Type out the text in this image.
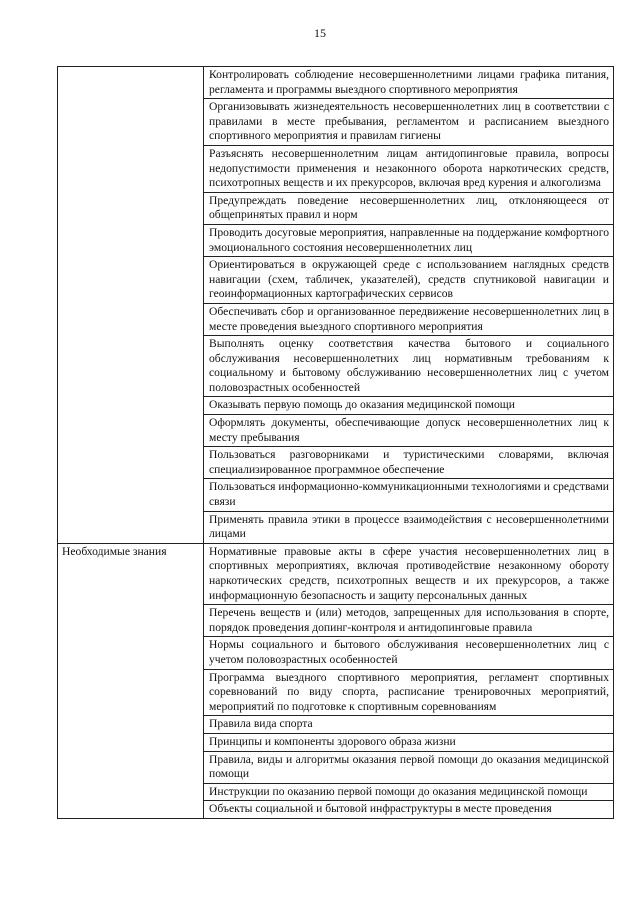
15
	Контролировать соблюдение несовершеннолетними лицами графика питания, регламента и программы выездного спортивного мероприятия
	Организовывать жизнедеятельность несовершеннолетних лиц в соответствии с правилами в месте пребывания, регламентом и расписанием выездного спортивного мероприятия и правилам гигиены
	Разъяснять несовершеннолетним лицам антидопинговые правила, вопросы недопустимости применения и незаконного оборота наркотических средств, психотропных веществ и их прекурсоров, включая вред курения и алкоголизма
	Предупреждать поведение несовершеннолетних лиц, отклоняющееся от общепринятых правил и норм
	Проводить досуговые мероприятия, направленные на поддержание комфортного эмоционального состояния несовершеннолетних лиц
	Ориентироваться в окружающей среде с использованием наглядных средств навигации (схем, табличек, указателей), средств спутниковой навигации и геоинформационных картографических сервисов
	Обеспечивать сбор и организованное передвижение несовершеннолетних лиц в месте проведения выездного спортивного мероприятия
	Выполнять оценку соответствия качества бытового и социального обслуживания несовершеннолетних лиц нормативным требованиям к социальному и бытовому обслуживанию несовершеннолетних лиц с учетом половозрастных особенностей
	Оказывать первую помощь до оказания медицинской помощи
	Оформлять документы, обеспечивающие допуск несовершеннолетних лиц к месту пребывания
	Пользоваться разговорниками и туристическими словарями, включая специализированное программное обеспечение
	Пользоваться информационно-коммуникационными технологиями и средствами связи
	Применять правила этики в процессе взаимодействия с несовершеннолетними лицами
Необходимые знания	Нормативные правовые акты в сфере участия несовершеннолетних лиц в спортивных мероприятиях, включая противодействие незаконному обороту наркотических средств, психотропных веществ и их прекурсоров, а также информационную безопасность и защиту персональных данных
	Перечень веществ и (или) методов, запрещенных для использования в спорте, порядок проведения допинг-контроля и антидопинговые правила
	Нормы социального и бытового обслуживания несовершеннолетних лиц с учетом половозрастных особенностей
	Программа выездного спортивного мероприятия, регламент спортивных соревнований по виду спорта, расписание тренировочных мероприятий, мероприятий по подготовке к спортивным соревнованиям
	Правила вида спорта
	Принципы и компоненты здорового образа жизни
	Правила, виды и алгоритмы оказания первой помощи до оказания медицинской помощи
	Инструкции по оказанию первой помощи до оказания медицинской помощи
	Объекты социальной и бытовой инфраструктуры в месте проведения
